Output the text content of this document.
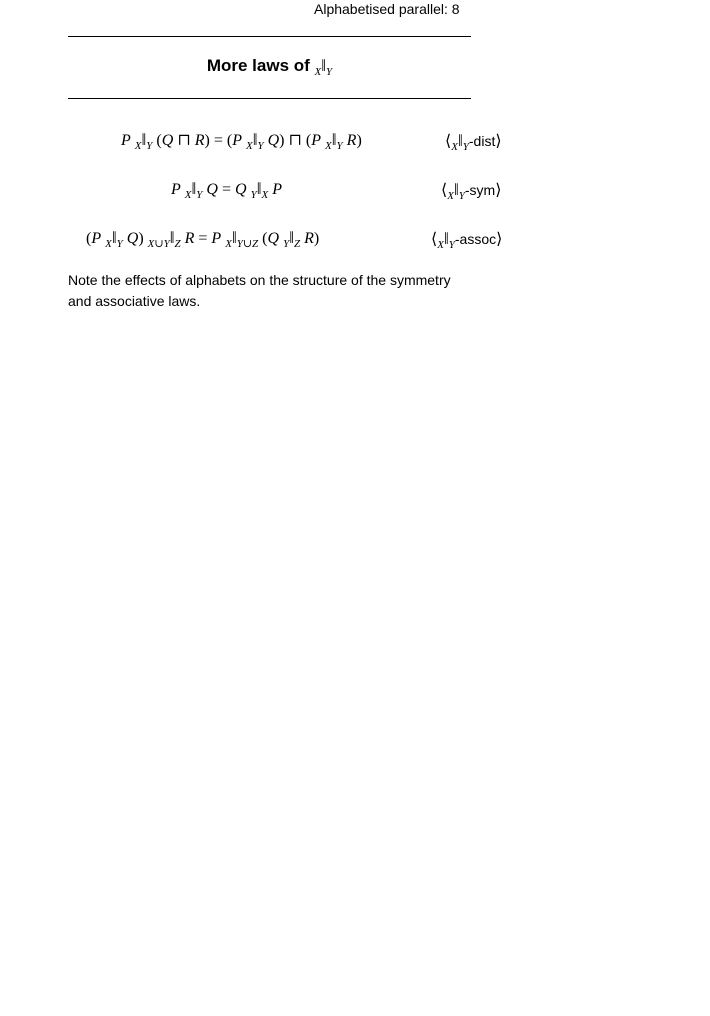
Alphabetised parallel: 8
More laws of $_X‖_Y$
P $_X‖_Y$ (Q ⊓ R) = (P $_X‖_Y$ Q) ⊓ (P $_X‖_Y$ R)	$⟨_X‖_Y-dist⟩$
P $_X‖_Y$ Q = Q $_Y‖_X$ P	$⟨_X‖_Y-sym⟩$
(P $_X‖_Y$ Q) $_{X\cup Y}‖_Z$ R = P $_X‖_{Y\cup Z}$ (Q $_Y‖_Z$ R)	$⟨_X‖_Y-assoc⟩$
Note the effects of alphabets on the structure of the symmetry and associative laws.
